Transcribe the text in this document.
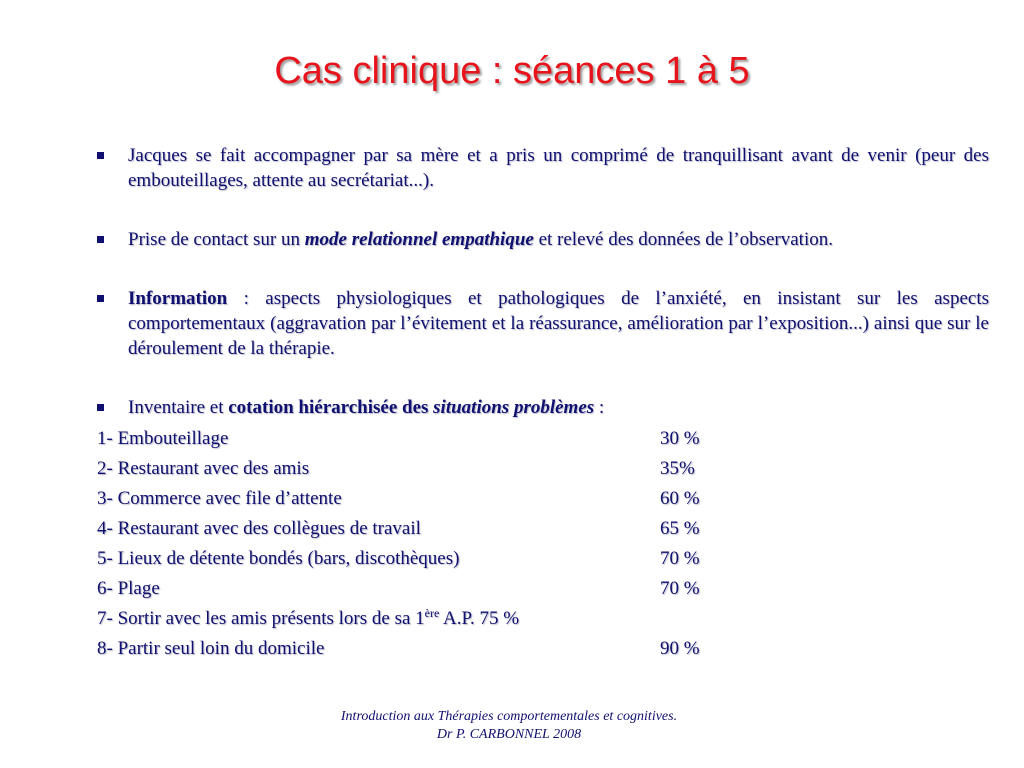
Cas clinique : séances 1 à 5
Jacques se fait accompagner par sa mère et a pris un comprimé de tranquillisant avant de venir (peur des embouteillages, attente au secrétariat...).
Prise de contact sur un mode relationnel empathique et relevé des données de l’observation.
Information : aspects physiologiques et pathologiques de l’anxiété, en insistant sur les aspects comportementaux (aggravation par l’évitement et la réassurance, amélioration par l’exposition...) ainsi que sur le déroulement de la thérapie.
Inventaire et cotation hiérarchisée des situations problèmes :
1- Embouteillage	30 %
2- Restaurant avec des amis	35%
3- Commerce avec file d’attente	60 %
4- Restaurant avec des collègues de travail	65 %
5- Lieux de détente bondés (bars, discothèques)	70 %
6- Plage	70 %
7- Sortir avec les amis présents lors de sa 1ère A.P. 75 %
8- Partir seul loin du domicile	90 %
Introduction aux Thérapies comportementales et cognitives.
Dr P. CARBONNEL 2008
